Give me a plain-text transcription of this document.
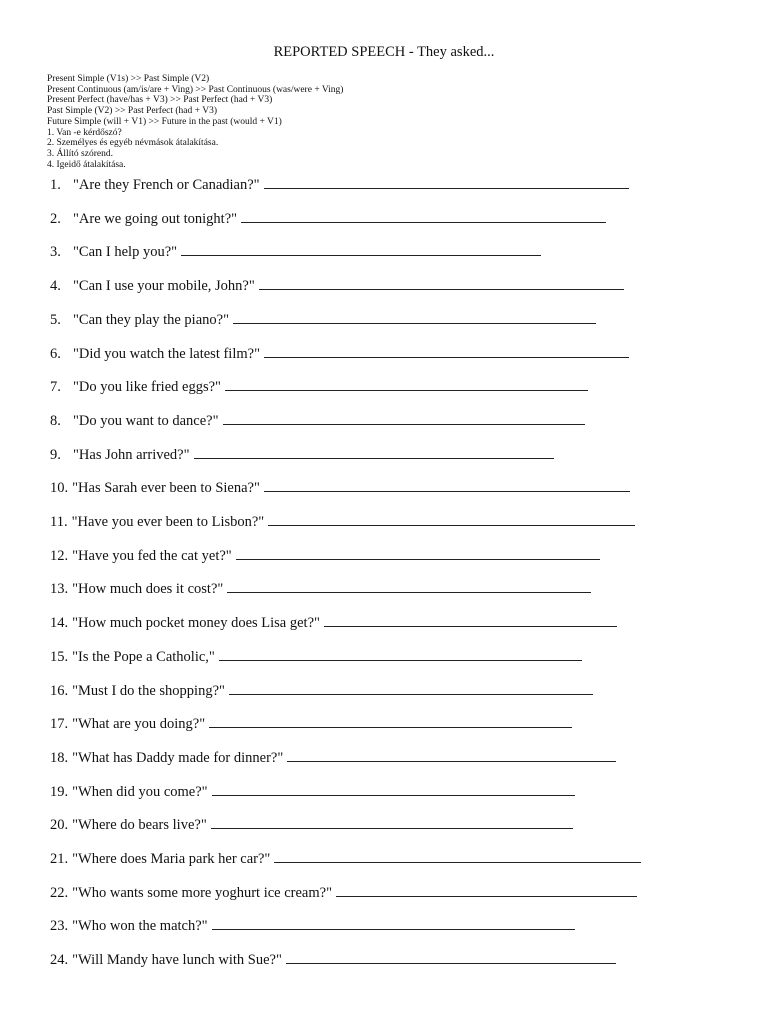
REPORTED SPEECH - They asked...
Present Simple (V1s) >> Past Simple (V2)
Present Continuous (am/is/are + Ving) >> Past Continuous (was/were + Ving)
Present Perfect (have/has + V3) >> Past Perfect (had + V3)
Past Simple (V2) >> Past Perfect (had + V3)
Future Simple (will + V1) >> Future in the past (would + V1)
1. Van -e kérdőszó?
2. Személyes és egyéb névmások átalakítása.
3. Állító szórend.
4. Igeidő átalakítása.
1. "Are they French or Canadian?"
2. "Are we going out tonight?"
3. "Can I help you?"
4. "Can I use your mobile, John?"
5. "Can they play the piano?"
6. "Did you watch the latest film?"
7. "Do you like fried eggs?"
8. "Do you want to dance?"
9. "Has John arrived?"
10. "Has Sarah ever been to Siena?"
11. "Have you ever been to Lisbon?"
12. "Have you fed the cat yet?"
13. "How much does it cost?"
14. "How much pocket money does Lisa get?"
15. "Is the Pope a Catholic,"
16. "Must I do the shopping?"
17. "What are you doing?"
18. "What has Daddy made for dinner?"
19. "When did you come?"
20. "Where do bears live?"
21. "Where does Maria park her car?"
22. "Who wants some more yoghurt ice cream?"
23. "Who won the match?"
24. "Will Mandy have lunch with Sue?"
